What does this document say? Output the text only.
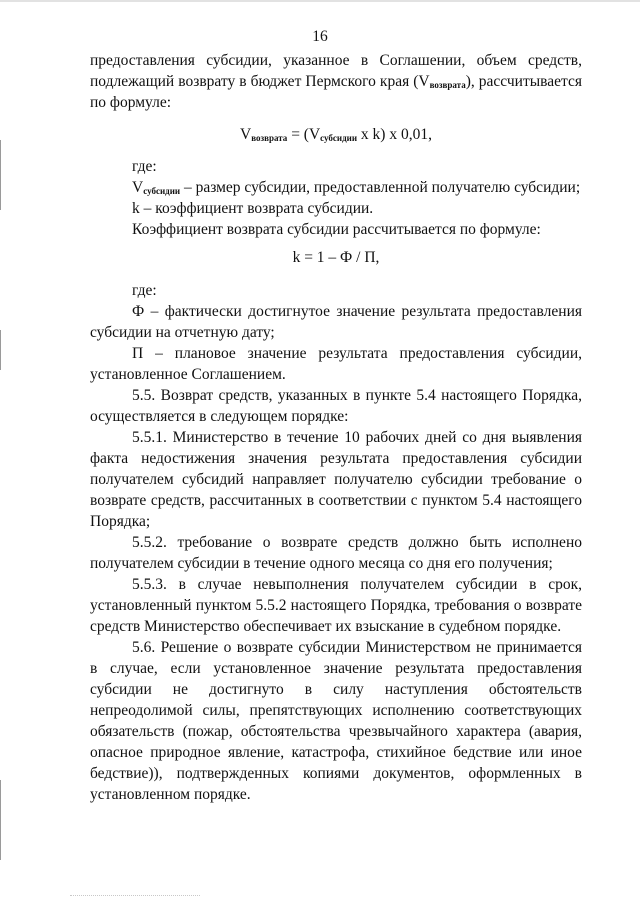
16

предоставления субсидии, указанное в Соглашении, объем средств, подлежащий возврату в бюджет Пермского края $(V_{возврата})$, рассчитывается по формуле:

$V_{возврата} = (V_{субсидии}$ x k) x 0,01,

где:

$V_{субсидии}$ – размер субсидии, предоставленной получателю субсидии;

k – коэффициент возврата субсидии.

Коэффициент возврата субсидии рассчитывается по формуле:

k = 1 – Ф / П,

где:

Ф – фактически достигнутое значение результата предоставления субсидии на отчетную дату;

П – плановое значение результата предоставления субсидии, установленное Соглашением.

5.5. Возврат средств, указанных в пункте 5.4 настоящего Порядка, осуществляется в следующем порядке:

5.5.1. Министерство в течение 10 рабочих дней со дня выявления факта недостижения значения результата предоставления субсидии получателем субсидий направляет получателю субсидии требование о возврате средств, рассчитанных в соответствии с пунктом 5.4 настоящего Порядка;

5.5.2. требование о возврате средств должно быть исполнено получателем субсидии в течение одного месяца со дня его получения;

5.5.3. в случае невыполнения получателем субсидии в срок, установленный пунктом 5.5.2 настоящего Порядка, требования о возврате средств Министерство обеспечивает их взыскание в судебном порядке.

5.6. Решение о возврате субсидии Министерством не принимается в случае, если установленное значение результата предоставления субсидии не достигнуто в силу наступления обстоятельств непреодолимой силы, препятствующих исполнению соответствующих обязательств (пожар, обстоятельства чрезвычайного характера (авария, опасное природное явление, катастрофа, стихийное бедствие или иное бедствие)), подтвержденных копиями документов, оформленных в установленном порядке.
